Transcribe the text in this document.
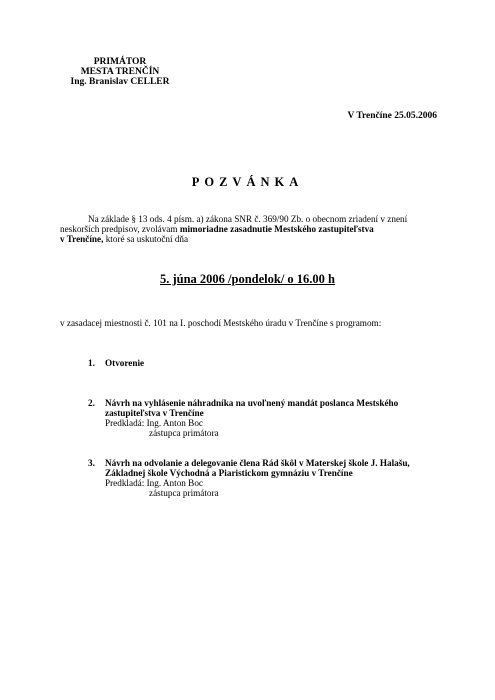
PRIMÁTOR
MESTA TRENČÍN
Ing. Branislav CELLER
V Trenčíne 25.05.2006
POZVÁNKA
Na základe § 13 ods. 4 písm. a) zákona SNR č. 369/90 Zb. o obecnom zriadení v znení
neskorších predpisov, zvolávam mimoriadne zasadnutie Mestského zastupiteľstva
v Trenčíne, ktoré sa uskutoční dňa
5. júna 2006 /pondelok/ o 16.00 h
v zasadacej miestnosti č. 101 na I. poschodí Mestského úradu v Trenčíne s programom:
1. Otvorenie
2. Návrh na vyhlásenie náhradníka na uvoľnený mandát poslanca Mestského
zastupiteľstva v Trenčíne
Predkladá: Ing. Anton Boc
zástupca primátora
3. Návrh na odvolanie a delegovanie člena Rád škôl v Materskej škole J. Halašu,
Základnej škole Východná a Piaristickom gymnáziu v Trenčíne
Predkladá: Ing. Anton Boc
zástupca primátora
